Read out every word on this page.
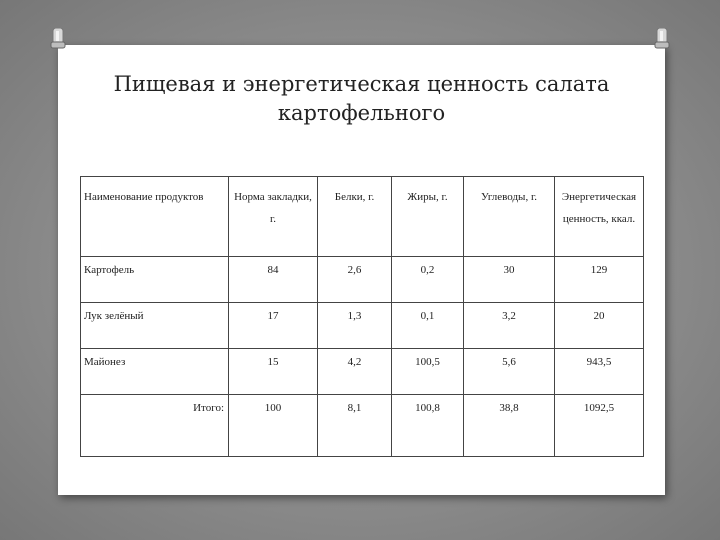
Пищевая и энергетическая ценность салата
картофельного
Наименование продуктов	Норма закладки, г.	Белки, г.	Жиры, г.	Углеводы, г.	Энергетическая ценность, ккал.
Картофель	84	2,6	0,2	30	129
Лук зелёный	17	1,3	0,1	3,2	20
Майонез	15	4,2	100,5	5,6	943,5
Итого:	100	8,1	100,8	38,8	1092,5
